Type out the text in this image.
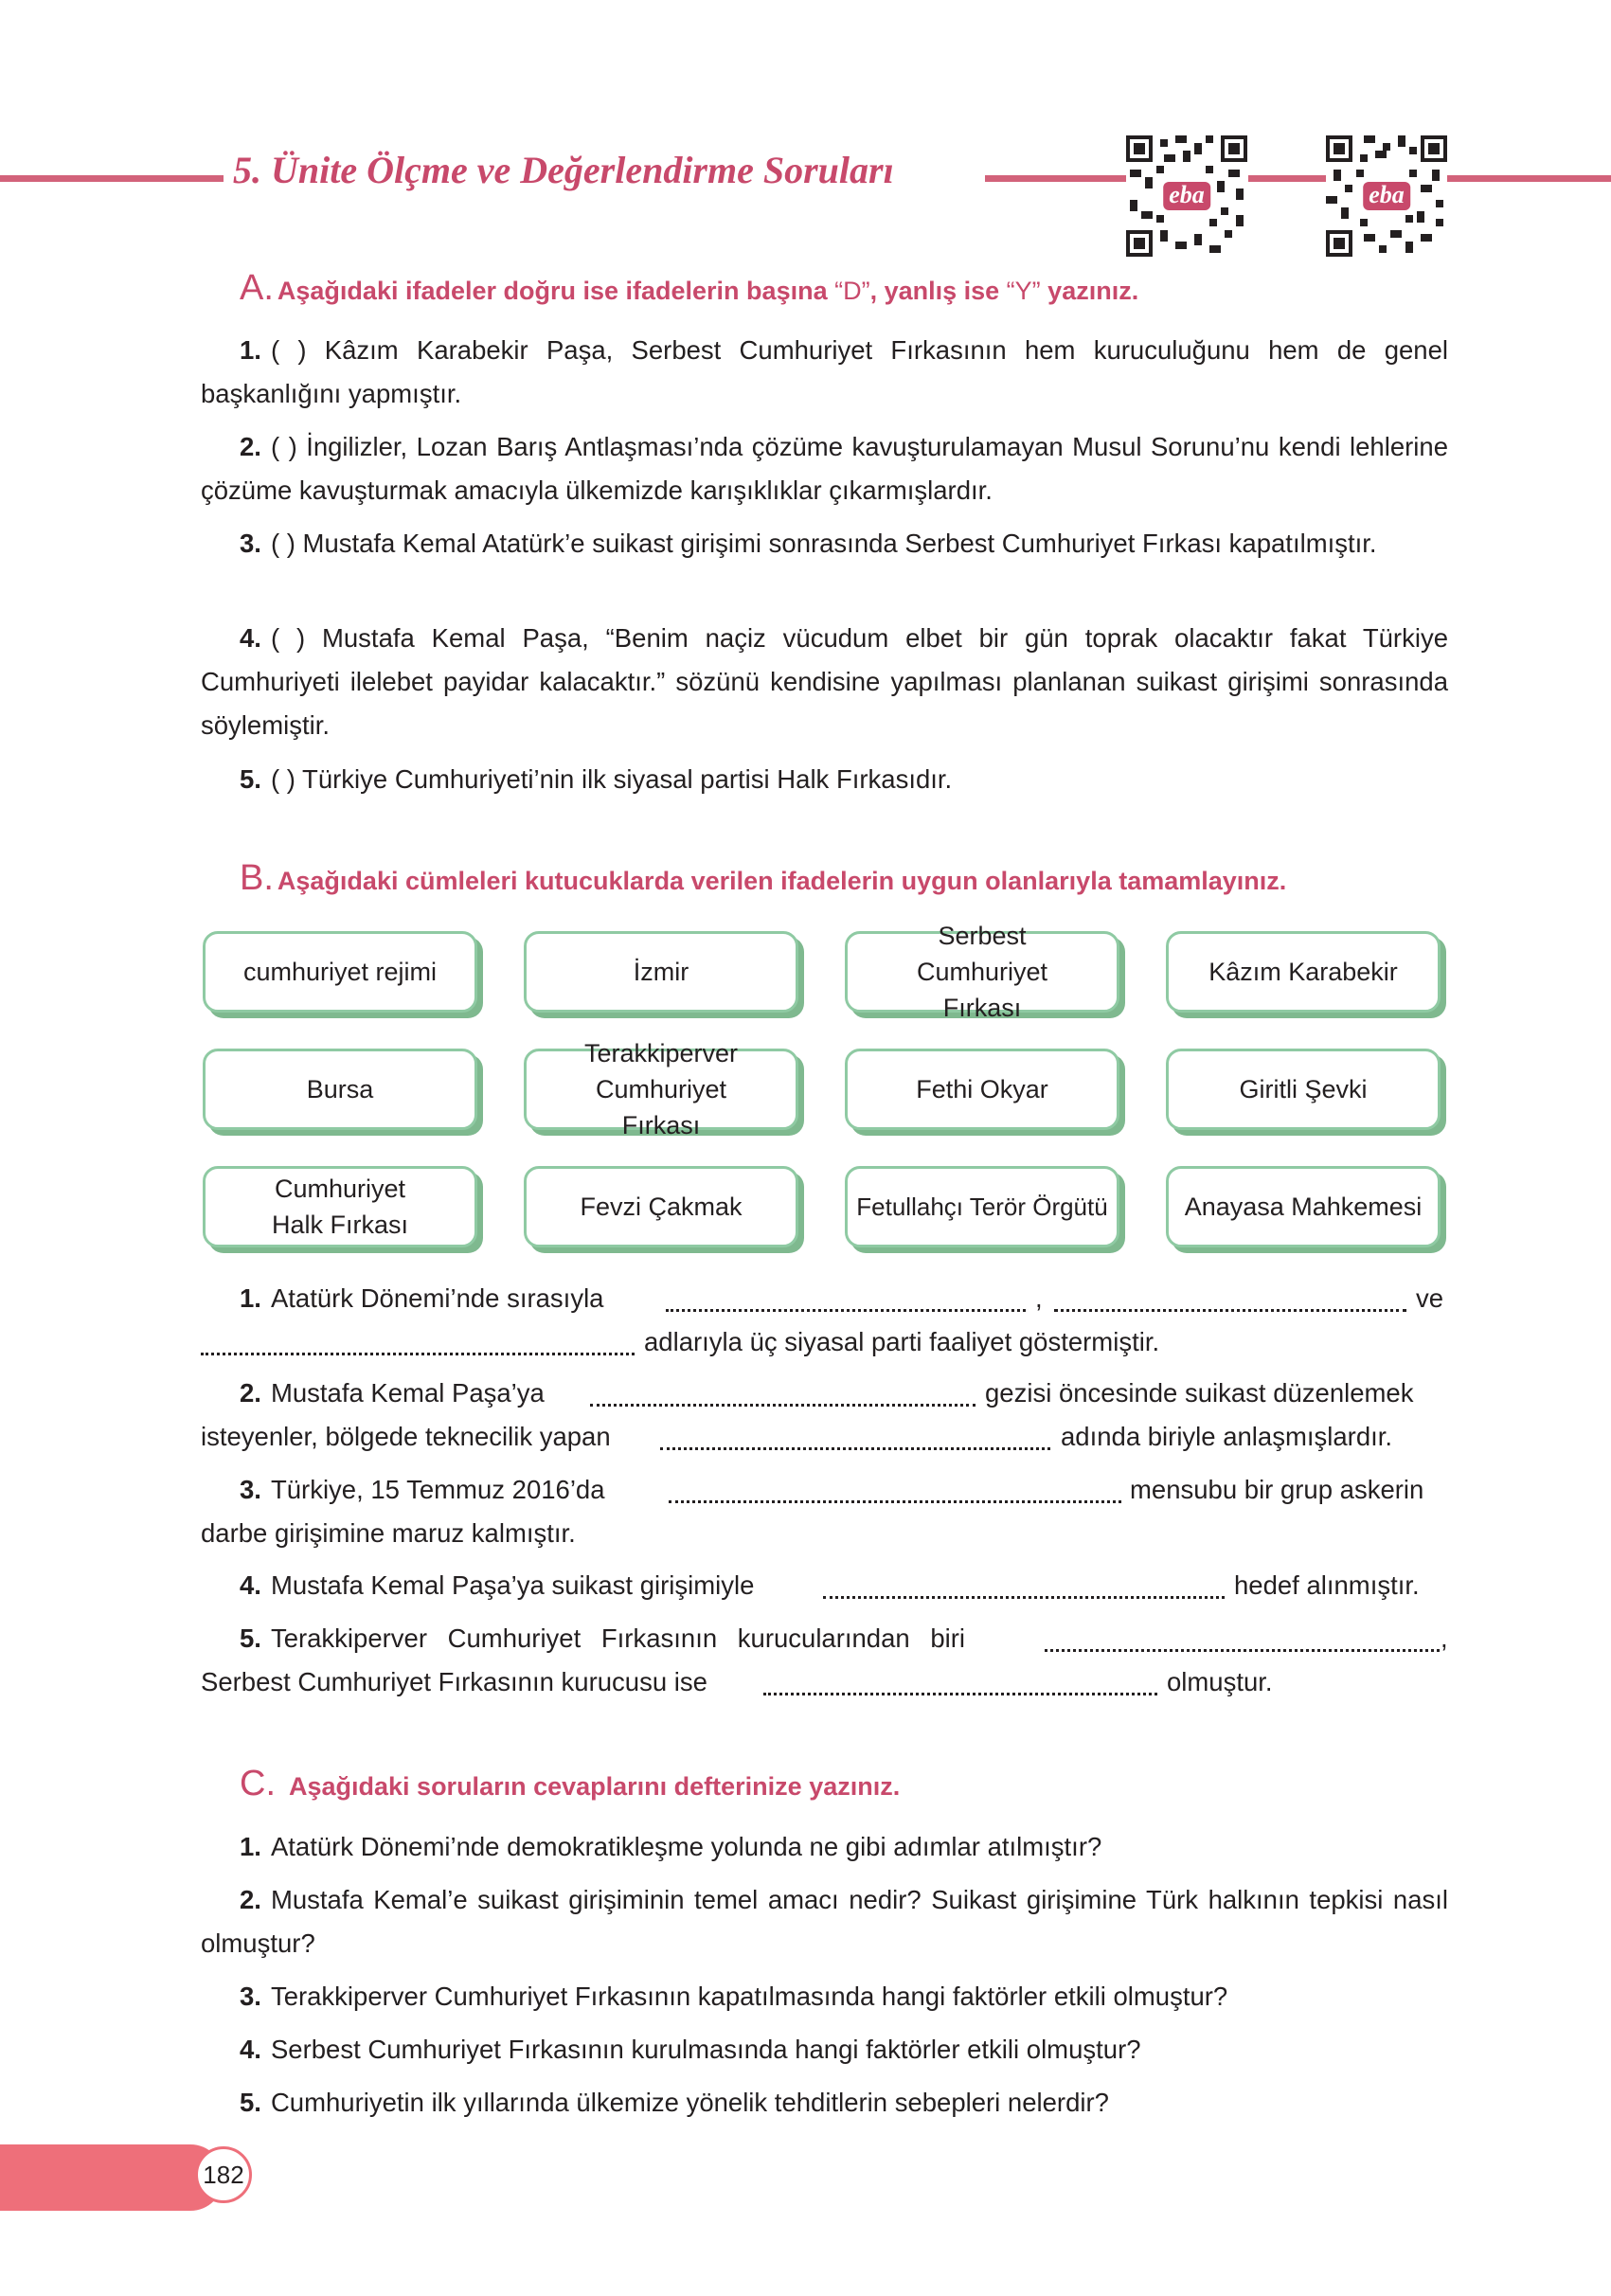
5. Ünite Ölçme ve Değerlendirme Soruları
eba	eba
A. Aşağıdaki ifadeler doğru ise ifadelerin başına “D”, yanlış ise “Y” yazınız.
1. ( ) Kâzım Karabekir Paşa, Serbest Cumhuriyet Fırkasının hem kuruculuğunu hem de genel başkanlığını yapmıştır.
2. ( ) İngilizler, Lozan Barış Antlaşması’nda çözüme kavuşturulamayan Musul Sorunu’nu kendi lehlerine çözüme kavuşturmak amacıyla ülkemizde karışıklıklar çıkarmışlardır.
3. ( ) Mustafa Kemal Atatürk’e suikast girişimi sonrasında Serbest Cumhuriyet Fırkası kapatılmıştır.
4. ( ) Mustafa Kemal Paşa, “Benim naçiz vücudum elbet bir gün toprak olacaktır fakat Türkiye Cumhuriyeti ilelebet payidar kalacaktır.” sözünü kendisine yapılması planlanan suikast girişimi sonrasında söylemiştir.
5. ( ) Türkiye Cumhuriyeti’nin ilk siyasal partisi Halk Fırkasıdır.
B. Aşağıdaki cümleleri kutucuklarda verilen ifadelerin uygun olanlarıyla tamamlayınız.
cumhuriyet rejimi	İzmir
Serbest Cumhuriyet Fırkası
Kâzım Karabekir
Bursa
Terakkiperver Cumhuriyet Fırkası
Fethi Okyar	Giritli Şevki
Cumhuriyet Halk Fırkası
Fevzi Çakmak	Fetullahçı Terör Örgütü	Anayasa Mahkemesi
1. Atatürk Dönemi’nde sırasıyla	,	ve
adlarıyla üç siyasal parti faaliyet göstermiştir.
2. Mustafa Kemal Paşa’ya	gezisi öncesinde suikast düzenlemek
isteyenler, bölgede teknecilik yapan	adında biriyle anlaşmışlardır.
3. Türkiye, 15 Temmuz 2016’da	mensubu bir grup askerin
darbe girişimine maruz kalmıştır.
4. Mustafa Kemal Paşa’ya suikast girişimiyle	hedef alınmıştır.
5. Terakkiperver Cumhuriyet Fırkasının kurucularından biri	,
Serbest Cumhuriyet Fırkasının kurucusu ise	olmuştur.
C. Aşağıdaki soruların cevaplarını defterinize yazınız.
1. Atatürk Dönemi’nde demokratikleşme yolunda ne gibi adımlar atılmıştır?
2. Mustafa Kemal’e suikast girişiminin temel amacı nedir? Suikast girişimine Türk halkının tepkisi nasıl olmuştur?
3. Terakkiperver Cumhuriyet Fırkasının kapatılmasında hangi faktörler etkili olmuştur?
4. Serbest Cumhuriyet Fırkasının kurulmasında hangi faktörler etkili olmuştur?
5. Cumhuriyetin ilk yıllarında ülkemize yönelik tehditlerin sebepleri nelerdir?
182
